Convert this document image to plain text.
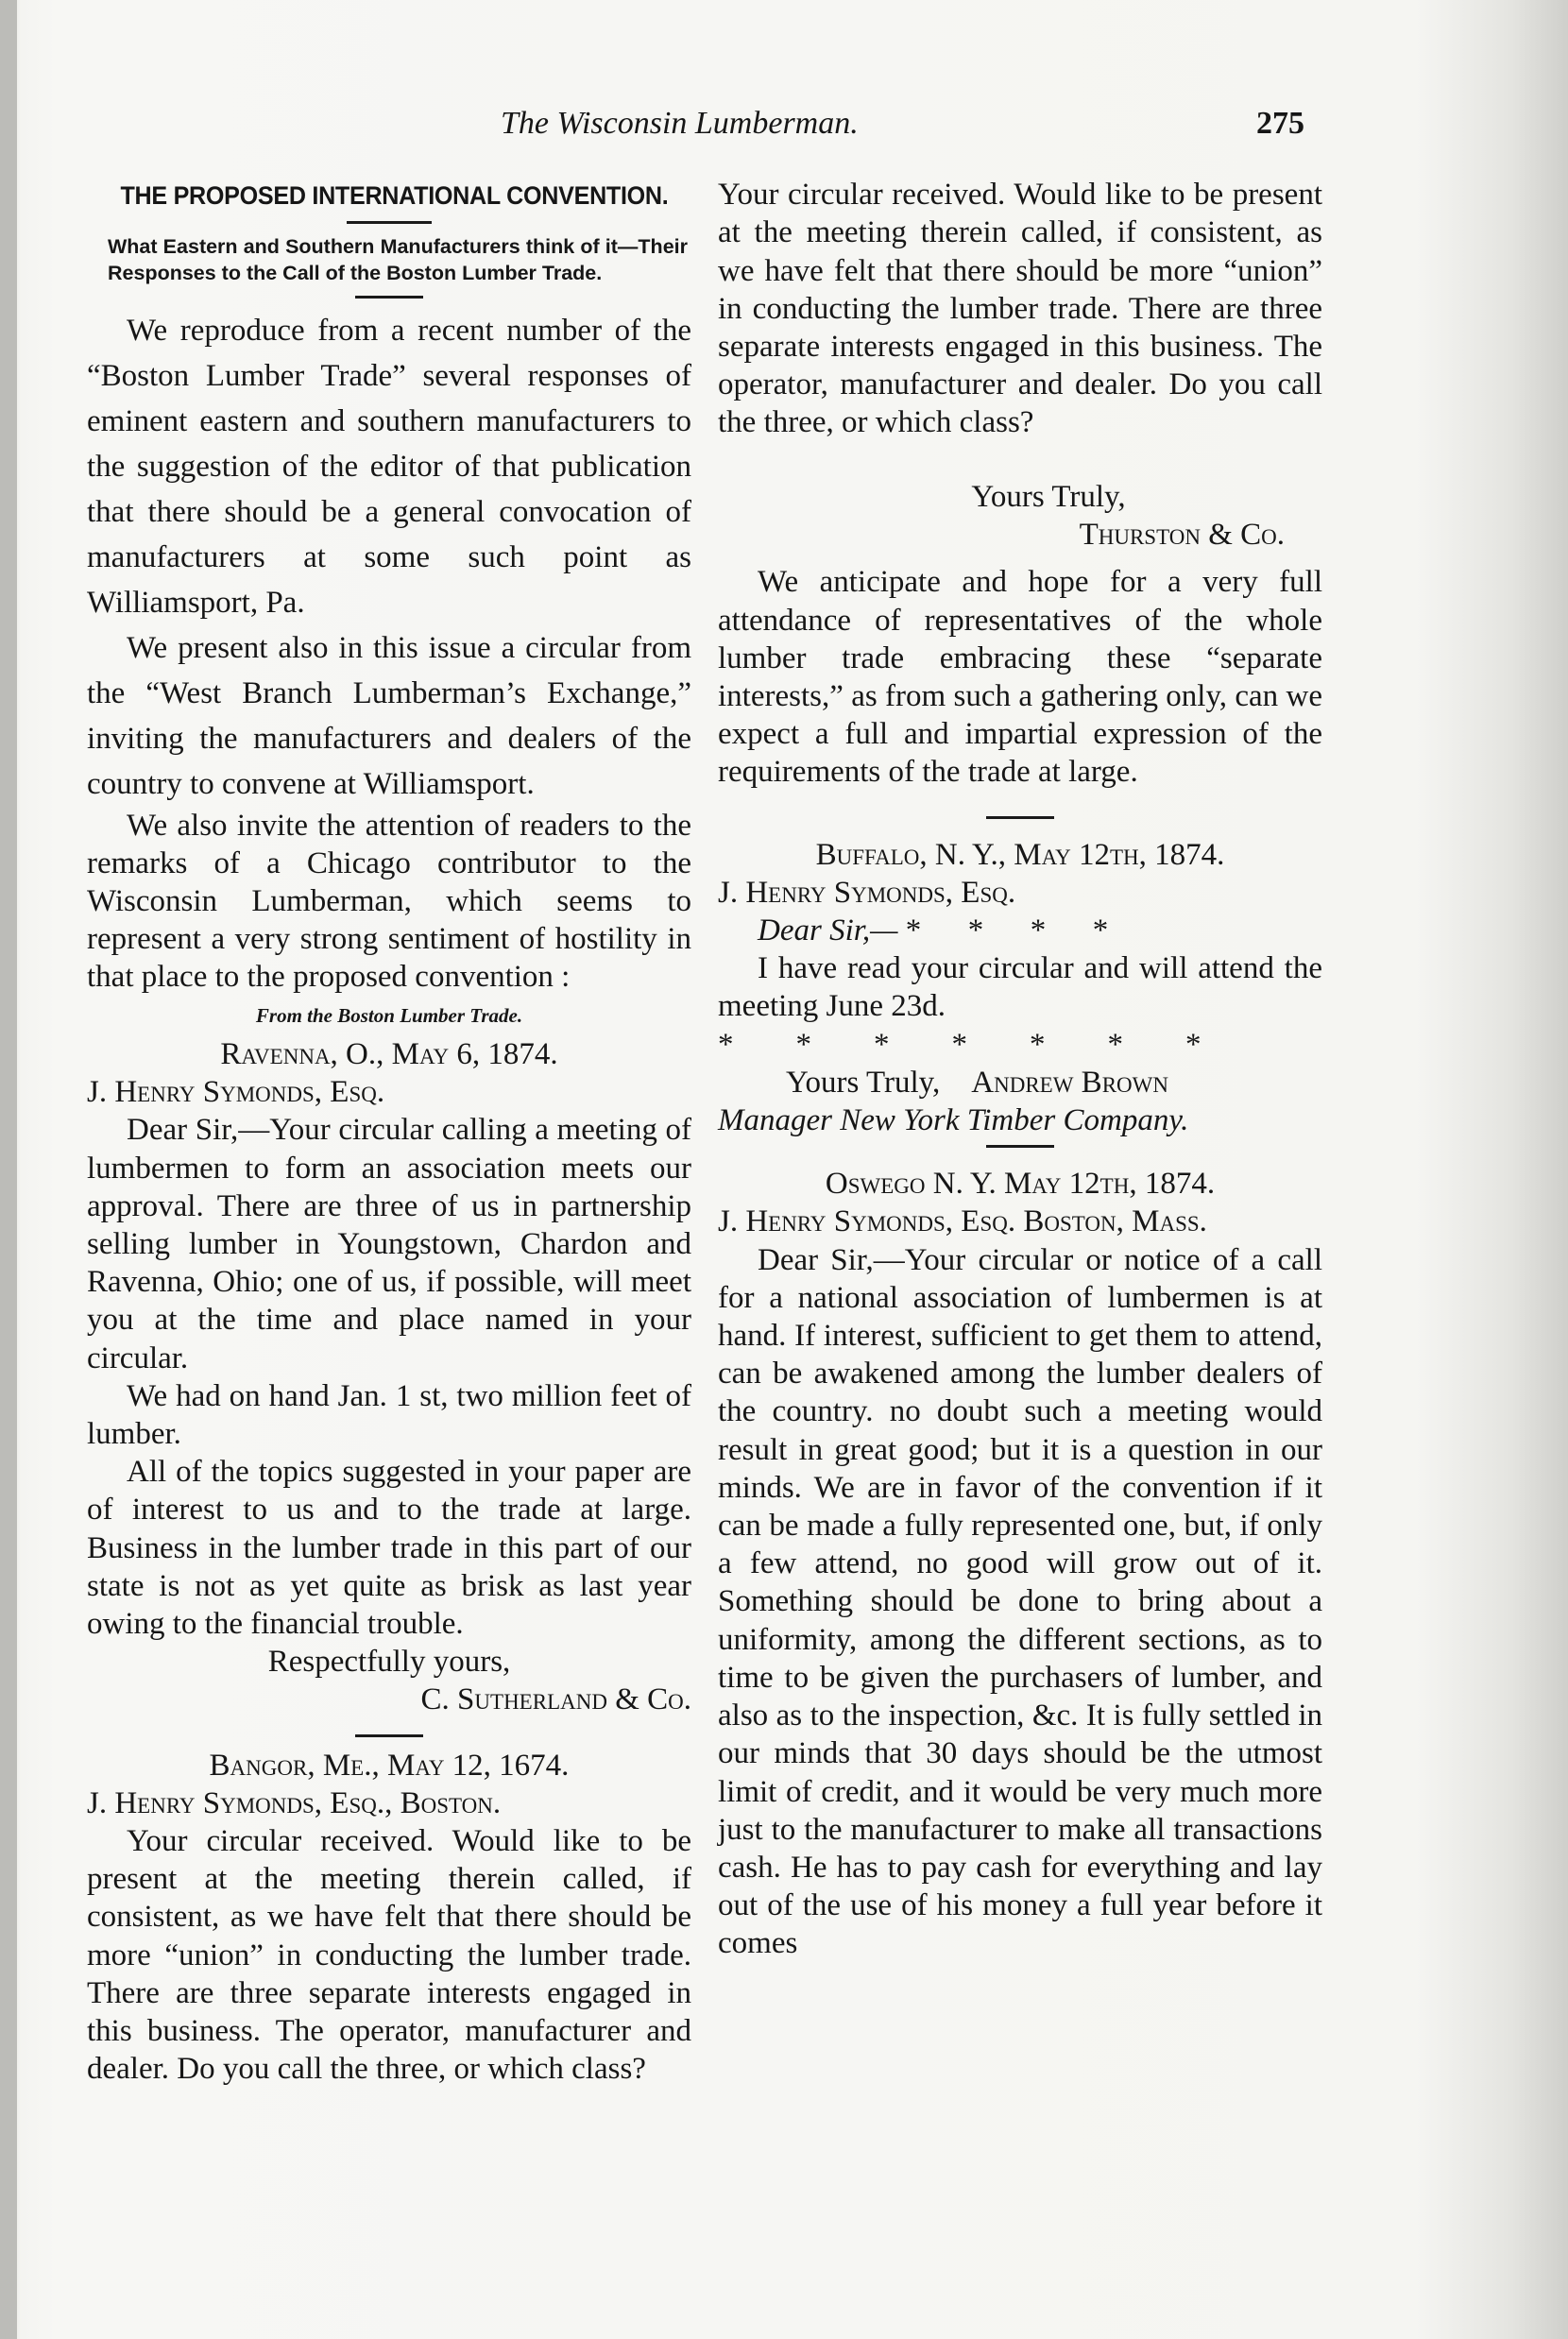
The Wisconsin Lumberman.	275
THE PROPOSED INTERNATIONAL CONVENTION.
What Eastern and Southern Manufacturers think of it—Their Responses to the Call of the Boston Lumber Trade.

We reproduce from a recent number of the “Boston Lumber Trade” several responses of eminent eastern and southern manufacturers to the suggestion of the editor of that publication that there should be a general convocation of manufacturers at some such point as Williamsport, Pa.

We present also in this issue a circular from the “West Branch Lumberman’s Exchange,” inviting the manufacturers and dealers of the country to convene at Williamsport.

We also invite the attention of readers to the remarks of a Chicago contributor to the Wisconsin Lumberman, which seems to represent a very strong sentiment of hostility in that place to the proposed convention :

From the Boston Lumber Trade.

Ravenna, O., May 6, 1874.

J. Henry Symonds, Esq.

Dear Sir,—Your circular calling a meeting of lumbermen to form an association meets our approval. There are three of us in partnership selling lumber in Youngstown, Chardon and Ravenna, Ohio; one of us, if possible, will meet you at the time and place named in your circular.

We had on hand Jan. 1 st, two million feet of lumber.

All of the topics suggested in your paper are of interest to us and to the trade at large. Business in the lumber trade in this part of our state is not as yet quite as brisk as last year owing to the financial trouble.

Respectfully yours,

C. Sutherland & Co.

Bangor, Me., May 12, 1674.

J. Henry Symonds, Esq., Boston.

Your circular received. Would like to be present at the meeting therein called, if consistent, as we have felt that there should be more “union” in conducting the lumber trade. There are three separate interests engaged in this business. The operator, manufacturer and dealer. Do you call the three, or which class?

Your circular received. Would like to be present at the meeting therein called, if consistent, as we have felt that there should be more “union” in conducting the lumber trade. There are three separate interests engaged in this business. The operator, manufacturer and dealer. Do you call the three, or which class?

Yours Truly,

Thurston & Co.

We anticipate and hope for a very full attendance of representatives of the whole lumber trade embracing these “separate interests,” as from such a gathering only, can we expect a full and impartial expression of the requirements of the trade at large.

Buffalo, N. Y., May 12th, 1874.

J. Henry Symonds, Esq.

Dear Sir,— *      *      *      *

I have read your circular and will attend the meeting June 23d.

*        *        *        *        *        *        *

Yours Truly, Andrew Brown

Manager New York Timber Company.

Oswego N. Y. May 12th, 1874.

J. Henry Symonds, Esq. Boston, Mass.

Dear Sir,—Your circular or notice of a call for a national association of lumbermen is at hand. If interest, sufficient to get them to attend, can be awakened among the lumber dealers of the country. no doubt such a meeting would result in great good; but it is a question in our minds. We are in favor of the convention if it can be made a fully represented one, but, if only a few attend, no good will grow out of it. Something should be done to bring about a uniformity, among the different sections, as to time to be given the purchasers of lumber, and also as to the inspection, &c. It is fully settled in our minds that 30 days should be the utmost limit of credit, and it would be very much more just to the manufacturer to make all transactions cash. He has to pay cash for everything and lay out of the use of his money a full year before it comes
